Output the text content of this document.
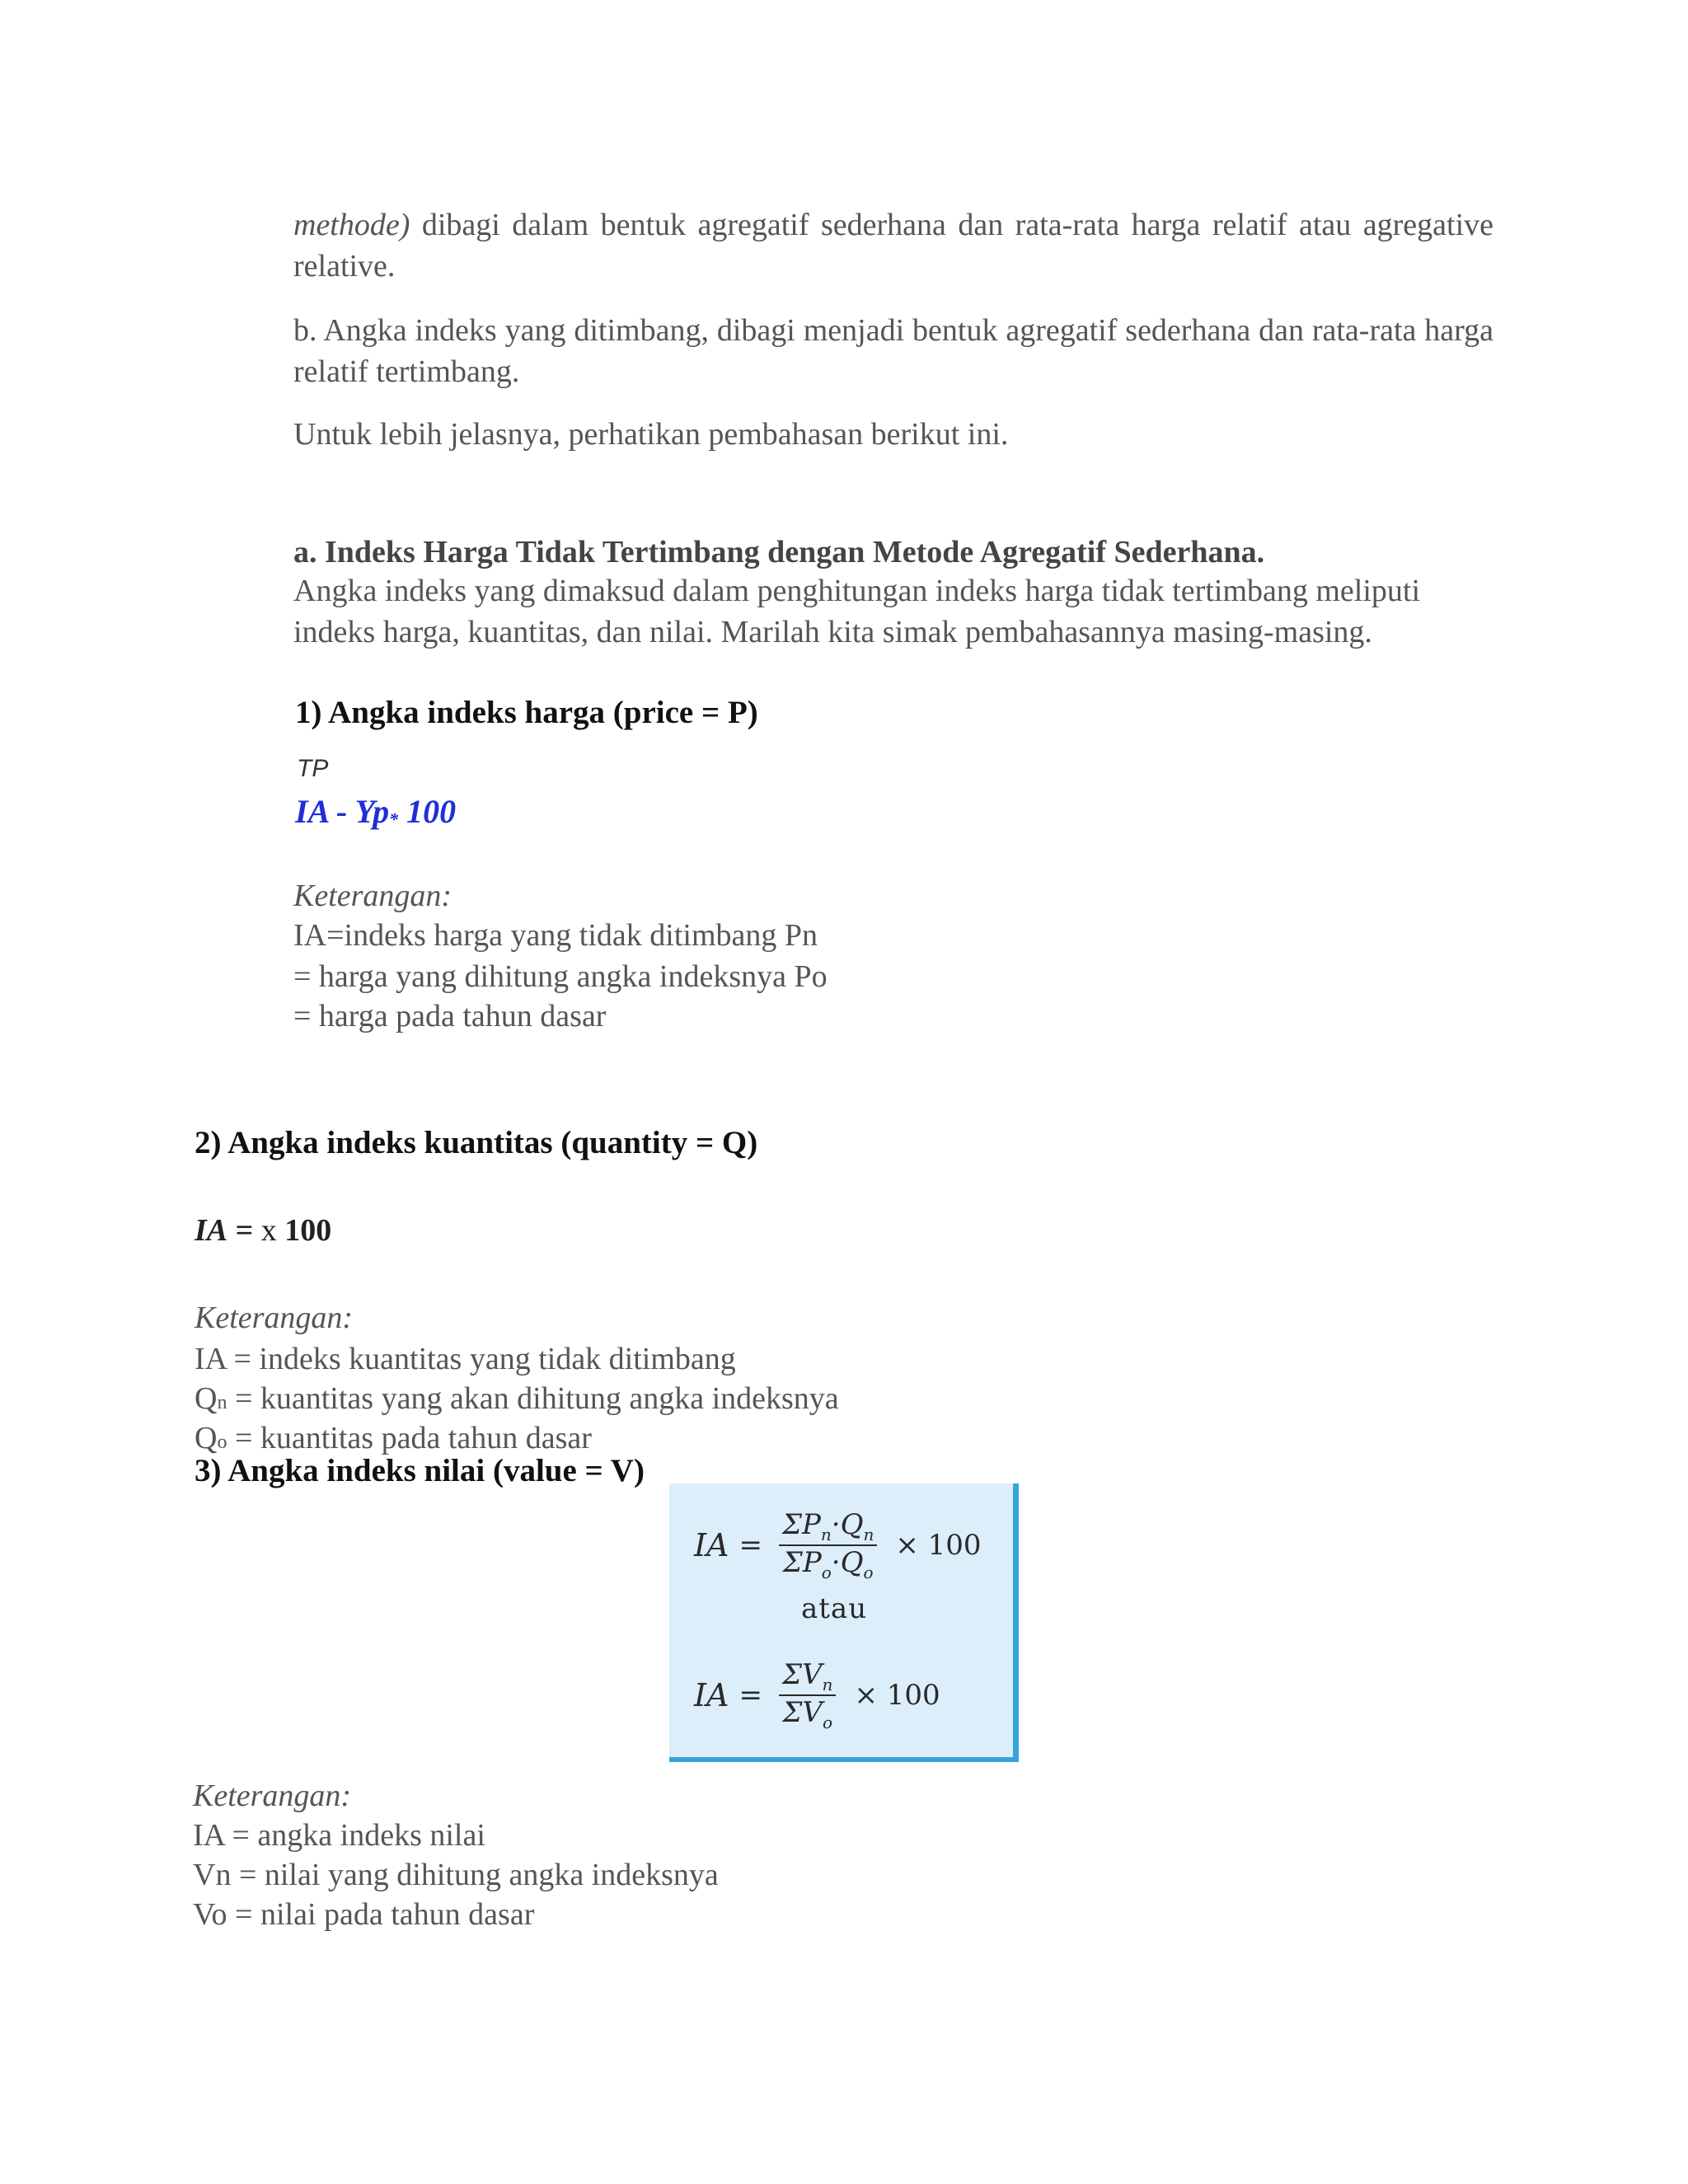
methode) dibagi dalam bentuk agregatif sederhana dan rata-rata harga relatif atau agregative relative.

b. Angka indeks yang ditimbang, dibagi menjadi bentuk agregatif sederhana dan rata-rata harga relatif tertimbang.

Untuk lebih jelasnya, perhatikan pembahasan berikut ini.

a. Indeks Harga Tidak Tertimbang dengan Metode Agregatif Sederhana.

Angka indeks yang dimaksud dalam penghitungan indeks harga tidak tertimbang meliputi indeks harga, kuantitas, dan nilai. Marilah kita simak pembahasannya masing-masing.

1) Angka indeks harga (price = P)

TP

IA - Yp* 100

Keterangan:

IA=indeks harga yang tidak ditimbang Pn

= harga yang dihitung angka indeksnya Po

= harga pada tahun dasar

2) Angka indeks kuantitas (quantity = Q)

IA = x 100

Keterangan:

IA = indeks kuantitas yang tidak ditimbang

Qn = kuantitas yang akan dihitung angka indeksnya

Qo = kuantitas pada tahun dasar

3) Angka indeks nilai (value = V)

IA = $\frac{\Sigma P_n\cdot Q_n}{\Sigma P_o\cdot Q_o} \times 100$
atau
IA = $\frac{\Sigma V_n}{\Sigma V_o} \times 100$

Keterangan:

IA = angka indeks nilai

Vn = nilai yang dihitung angka indeksnya

Vo = nilai pada tahun dasar
